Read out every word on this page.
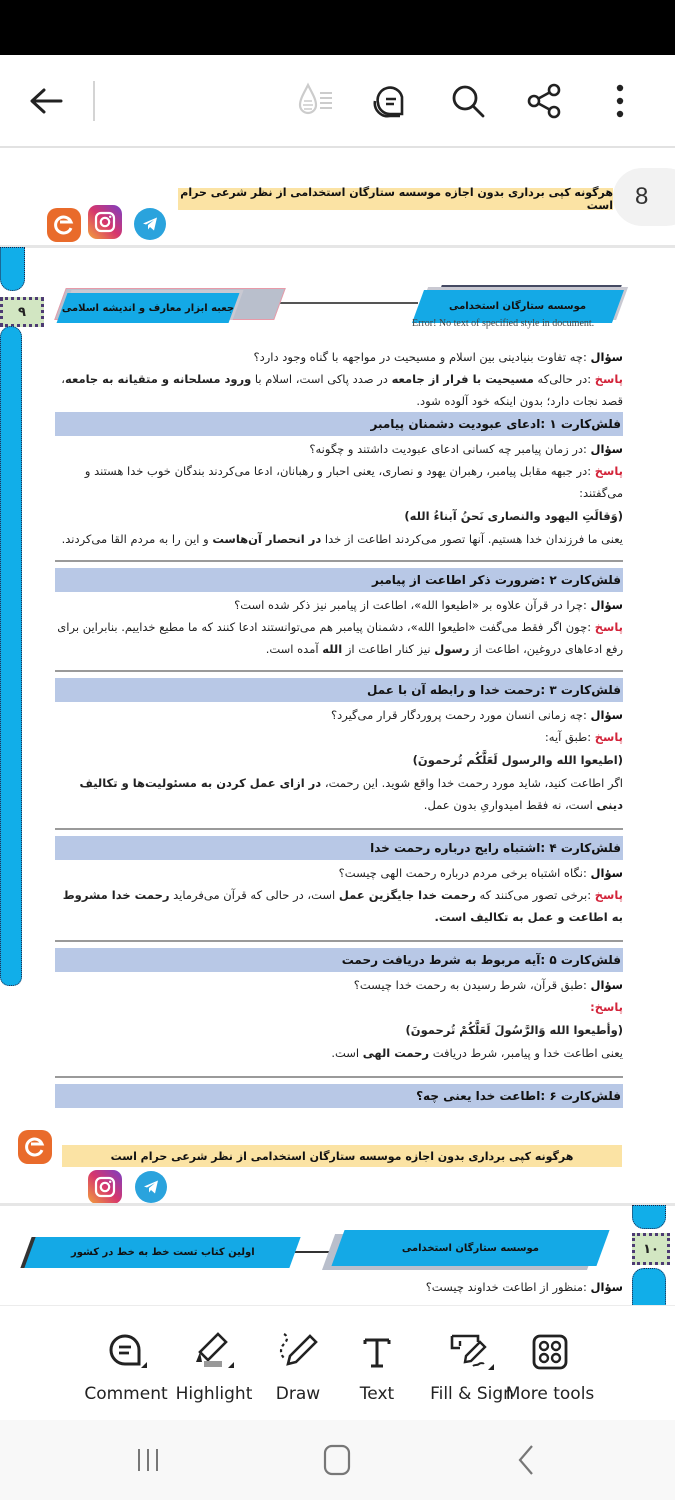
8
هرگونه کپی برداری بدون اجازه موسسه ستارگان استخدامی از نظر شرعی حرام است
۹	جعبه ابزار معارف و اندیشه اسلامی	موسسه ستارگان استخدامی
Error! No text of specified style in document.
سؤال :چه تفاوت بنیادینی بین اسلام و مسیحیت در مواجهه با گناه وجود دارد؟
پاسخ :در حالی‌که مسیحیت با فرار از جامعه در صدد پاکی است، اسلام با ورود مسلحانه و متقیانه به جامعه، قصد نجات دارد؛ بدون اینکه خود آلوده شود.
فلش‌کارت ۱ :ادعای عبودیت دشمنان پیامبر
سؤال :در زمان پیامبر چه کسانی ادعای عبودیت داشتند و چگونه؟
پاسخ :در جبهه مقابل پیامبر، رهبران یهود و نصاری، یعنی احبار و رهبانان، ادعا می‌کردند بندگان خوب خدا هستند و می‌گفتند:
(وَقالَتِ الیهود والنصاری نَحنُ آبناءُ الله)
یعنی ما فرزندان خدا هستیم. آنها تصور می‌کردند اطاعت از خدا در انحصار آن‌هاست و این را به مردم القا می‌کردند.
فلش‌کارت ۲ :ضرورت ذکر اطاعت از پیامبر
سؤال :چرا در قرآن علاوه بر «اطیعوا الله»، اطاعت از پیامبر نیز ذکر شده است؟
پاسخ :چون اگر فقط می‌گفت «اطیعوا الله»، دشمنان پیامبر هم می‌توانستند ادعا کنند که ما مطیع خداییم. بنابراین برای رفع ادعاهای دروغین، اطاعت از رسول نیز کنار اطاعت از الله آمده است.
فلش‌کارت ۳ :رحمت خدا و رابطه آن با عمل
سؤال :چه زمانی انسان مورد رحمت پروردگار قرار می‌گیرد؟
پاسخ :طبق آیه:
(اطیعوا الله والرسول لَعَلَّکُم تُرحمونَ)
اگر اطاعت کنید، شاید مورد رحمت خدا واقع شوید. این رحمت، در ازای عمل کردن به مسئولیت‌ها و تکالیف دینی است، نه فقط امیدواریِ بدون عمل.
فلش‌کارت ۴ :اشتباه رایج درباره رحمت خدا
سؤال :نگاه اشتباه برخی مردم درباره رحمت الهی چیست؟
پاسخ :برخی تصور می‌کنند که رحمت خدا جایگزین عمل است، در حالی که قرآن می‌فرماید رحمت خدا مشروط به اطاعت و عمل به تکالیف است.
فلش‌کارت ۵ :آیه مربوط به شرط دریافت رحمت
سؤال :طبق قرآن، شرط رسیدن به رحمت خدا چیست؟
پاسخ:
(وأطیعوا الله وَالرَّسُولَ لَعَلَّکُمْ تُرحمونَ)
یعنی اطاعت خدا و پیامبر، شرط دریافت رحمت الهی است.
فلش‌کارت ۶ :اطاعت خدا یعنی چه؟
هرگونه کپی برداری بدون اجازه موسسه ستارگان استخدامی از نظر شرعی حرام است
۱۰
اولین کتاب تست خط به خط در کشور	موسسه ستارگان استخدامی
سؤال :منظور از اطاعت خداوند چیست؟
Comment Highlight	Draw	Text	Fill & Sign
More tools
